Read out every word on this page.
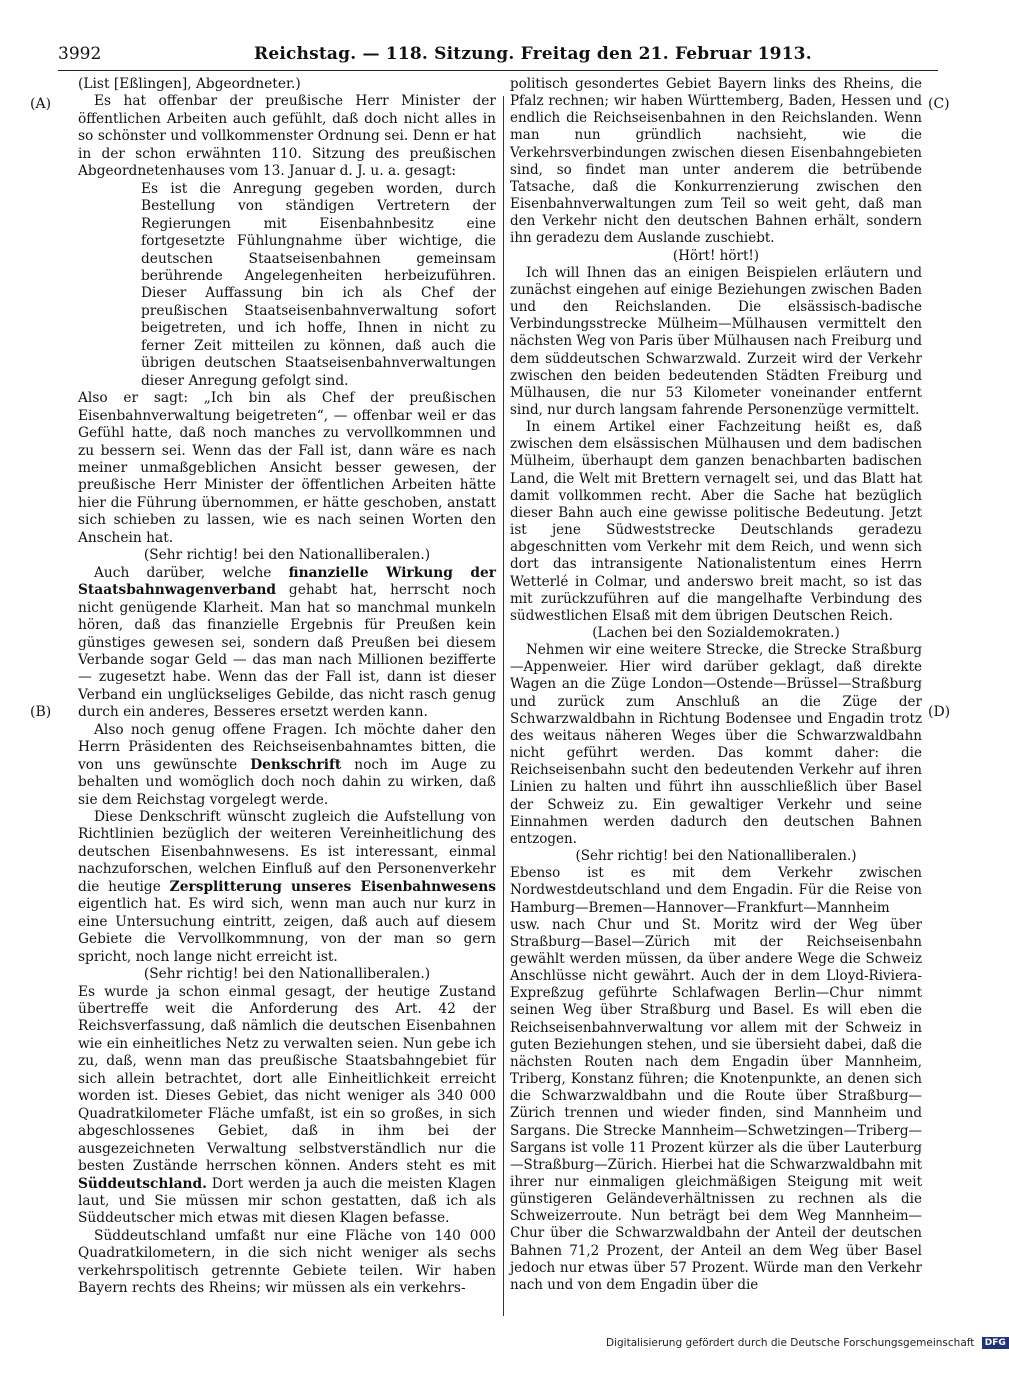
3992	Reichstag. — 118. Sitzung. Freitag den 21. Februar 1913.
(A)
(B)
(C)
(D)

(List [Eßlingen], Abgeordneter.)

Es hat offenbar der preußische Herr Minister der öffentlichen Arbeiten auch gefühlt, daß doch nicht alles in so schönster und vollkommenster Ordnung sei. Denn er hat in der schon erwähnten 110. Sitzung des preußischen Abgeordnetenhauses vom 13. Januar d. J. u. a. gesagt:

Es ist die Anregung gegeben worden, durch Bestellung von ständigen Vertretern der Regierungen mit Eisenbahnbesitz eine fortgesetzte Fühlungnahme über wichtige, die deutschen Staatseisenbahnen gemeinsam berührende Angelegenheiten herbeizuführen. Dieser Auffassung bin ich als Chef der preußischen Staatseisenbahnverwaltung sofort beigetreten, und ich hoffe, Ihnen in nicht zu ferner Zeit mitteilen zu können, daß auch die übrigen deutschen Staatseisenbahnverwaltungen dieser Anregung gefolgt sind.

Also er sagt: „Ich bin als Chef der preußischen Eisenbahnverwaltung beigetreten“, — offenbar weil er das Gefühl hatte, daß noch manches zu vervollkommnen und zu bessern sei. Wenn das der Fall ist, dann wäre es nach meiner unmaßgeblichen Ansicht besser gewesen, der preußische Herr Minister der öffentlichen Arbeiten hätte hier die Führung übernommen, er hätte geschoben, anstatt sich schieben zu lassen, wie es nach seinen Worten den Anschein hat.

(Sehr richtig! bei den Nationalliberalen.)

Auch darüber, welche finanzielle Wirkung der Staatsbahnwagenverband gehabt hat, herrscht noch nicht genügende Klarheit. Man hat so manchmal munkeln hören, daß das finanzielle Ergebnis für Preußen kein günstiges gewesen sei, sondern daß Preußen bei diesem Verbande sogar Geld — das man nach Millionen bezifferte — zugesetzt habe. Wenn das der Fall ist, dann ist dieser Verband ein unglückseliges Gebilde, das nicht rasch genug durch ein anderes, Besseres ersetzt werden kann.

Also noch genug offene Fragen. Ich möchte daher den Herrn Präsidenten des Reichseisenbahnamtes bitten, die von uns gewünschte Denkschrift noch im Auge zu behalten und womöglich doch noch dahin zu wirken, daß sie dem Reichstag vorgelegt werde.

Diese Denkschrift wünscht zugleich die Aufstellung von Richtlinien bezüglich der weiteren Vereinheitlichung des deutschen Eisenbahnwesens. Es ist interessant, einmal nachzuforschen, welchen Einfluß auf den Personenverkehr die heutige Zersplitterung unseres Eisenbahnwesens eigentlich hat. Es wird sich, wenn man auch nur kurz in eine Untersuchung eintritt, zeigen, daß auch auf diesem Gebiete die Vervollkommnung, von der man so gern spricht, noch lange nicht erreicht ist.

(Sehr richtig! bei den Nationalliberalen.)

Es wurde ja schon einmal gesagt, der heutige Zustand übertreffe weit die Anforderung des Art. 42 der Reichsverfassung, daß nämlich die deutschen Eisenbahnen wie ein einheitliches Netz zu verwalten seien. Nun gebe ich zu, daß, wenn man das preußische Staatsbahngebiet für sich allein betrachtet, dort alle Einheitlichkeit erreicht worden ist. Dieses Gebiet, das nicht weniger als 340 000 Quadratkilometer Fläche umfaßt, ist ein so großes, in sich abgeschlossenes Gebiet, daß in ihm bei der ausgezeichneten Verwaltung selbstverständlich nur die besten Zustände herrschen können. Anders steht es mit Süddeutschland. Dort werden ja auch die meisten Klagen laut, und Sie müssen mir schon gestatten, daß ich als Süddeutscher mich etwas mit diesen Klagen befasse.

Süddeutschland umfaßt nur eine Fläche von 140 000 Quadratkilometern, in die sich nicht weniger als sechs verkehrspolitisch getrennte Gebiete teilen. Wir haben Bayern rechts des Rheins; wir müssen als ein verkehrs-

politisch gesondertes Gebiet Bayern links des Rheins, die Pfalz rechnen; wir haben Württemberg, Baden, Hessen und endlich die Reichseisenbahnen in den Reichslanden. Wenn man nun gründlich nachsieht, wie die Verkehrsverbindungen zwischen diesen Eisenbahngebieten sind, so findet man unter anderem die betrübende Tatsache, daß die Konkurrenzierung zwischen den Eisenbahnverwaltungen zum Teil so weit geht, daß man den Verkehr nicht den deutschen Bahnen erhält, sondern ihn geradezu dem Auslande zuschiebt.

(Hört! hört!)

Ich will Ihnen das an einigen Beispielen erläutern und zunächst eingehen auf einige Beziehungen zwischen Baden und den Reichslanden. Die elsässisch-badische Verbindungsstrecke Mülheim—Mülhausen vermittelt den nächsten Weg von Paris über Mülhausen nach Freiburg und dem süddeutschen Schwarzwald. Zurzeit wird der Verkehr zwischen den beiden bedeutenden Städten Freiburg und Mülhausen, die nur 53 Kilometer voneinander entfernt sind, nur durch langsam fahrende Personenzüge vermittelt.

In einem Artikel einer Fachzeitung heißt es, daß zwischen dem elsässischen Mülhausen und dem badischen Mülheim, überhaupt dem ganzen benachbarten badischen Land, die Welt mit Brettern vernagelt sei, und das Blatt hat damit vollkommen recht. Aber die Sache hat bezüglich dieser Bahn auch eine gewisse politische Bedeutung. Jetzt ist jene Südweststrecke Deutschlands geradezu abgeschnitten vom Verkehr mit dem Reich, und wenn sich dort das intransigente Nationalistentum eines Herrn Wetterlé in Colmar, und anderswo breit macht, so ist das mit zurückzuführen auf die mangelhafte Verbindung des südwestlichen Elsaß mit dem übrigen Deutschen Reich.

(Lachen bei den Sozialdemokraten.)

Nehmen wir eine weitere Strecke, die Strecke Straßburg—Appenweier. Hier wird darüber geklagt, daß direkte Wagen an die Züge London—Ostende—Brüssel—Straßburg und zurück zum Anschluß an die Züge der Schwarzwaldbahn in Richtung Bodensee und Engadin trotz des weitaus näheren Weges über die Schwarzwaldbahn nicht geführt werden. Das kommt daher: die Reichseisenbahn sucht den bedeutenden Verkehr auf ihren Linien zu halten und führt ihn ausschließlich über Basel der Schweiz zu. Ein gewaltiger Verkehr und seine Einnahmen werden dadurch den deutschen Bahnen entzogen.

(Sehr richtig! bei den Nationalliberalen.)

Ebenso ist es mit dem Verkehr zwischen Nordwestdeutschland und dem Engadin. Für die Reise von Hamburg—Bremen—Hannover—Frankfurt—Mannheim usw. nach Chur und St. Moritz wird der Weg über Straßburg—Basel—Zürich mit der Reichseisenbahn gewählt werden müssen, da über andere Wege die Schweiz Anschlüsse nicht gewährt. Auch der in dem Lloyd-Riviera-Expreßzug geführte Schlafwagen Berlin—Chur nimmt seinen Weg über Straßburg und Basel. Es will eben die Reichseisenbahnverwaltung vor allem mit der Schweiz in guten Beziehungen stehen, und sie übersieht dabei, daß die nächsten Routen nach dem Engadin über Mannheim, Triberg, Konstanz führen; die Knotenpunkte, an denen sich die Schwarzwaldbahn und die Route über Straßburg—Zürich trennen und wieder finden, sind Mannheim und Sargans. Die Strecke Mannheim—Schwetzingen—Triberg—Sargans ist volle 11 Prozent kürzer als die über Lauterburg—Straßburg—Zürich. Hierbei hat die Schwarzwaldbahn mit ihrer nur einmaligen gleichmäßigen Steigung mit weit günstigeren Geländeverhältnissen zu rechnen als die Schweizerroute. Nun beträgt bei dem Weg Mannheim—Chur über die Schwarzwaldbahn der Anteil der deutschen Bahnen 71,2 Prozent, der Anteil an dem Weg über Basel jedoch nur etwas über 57 Prozent. Würde man den Verkehr nach und von dem Engadin über die

Digitalisierung gefördert durch die Deutsche Forschungsgemeinschaft DFG
